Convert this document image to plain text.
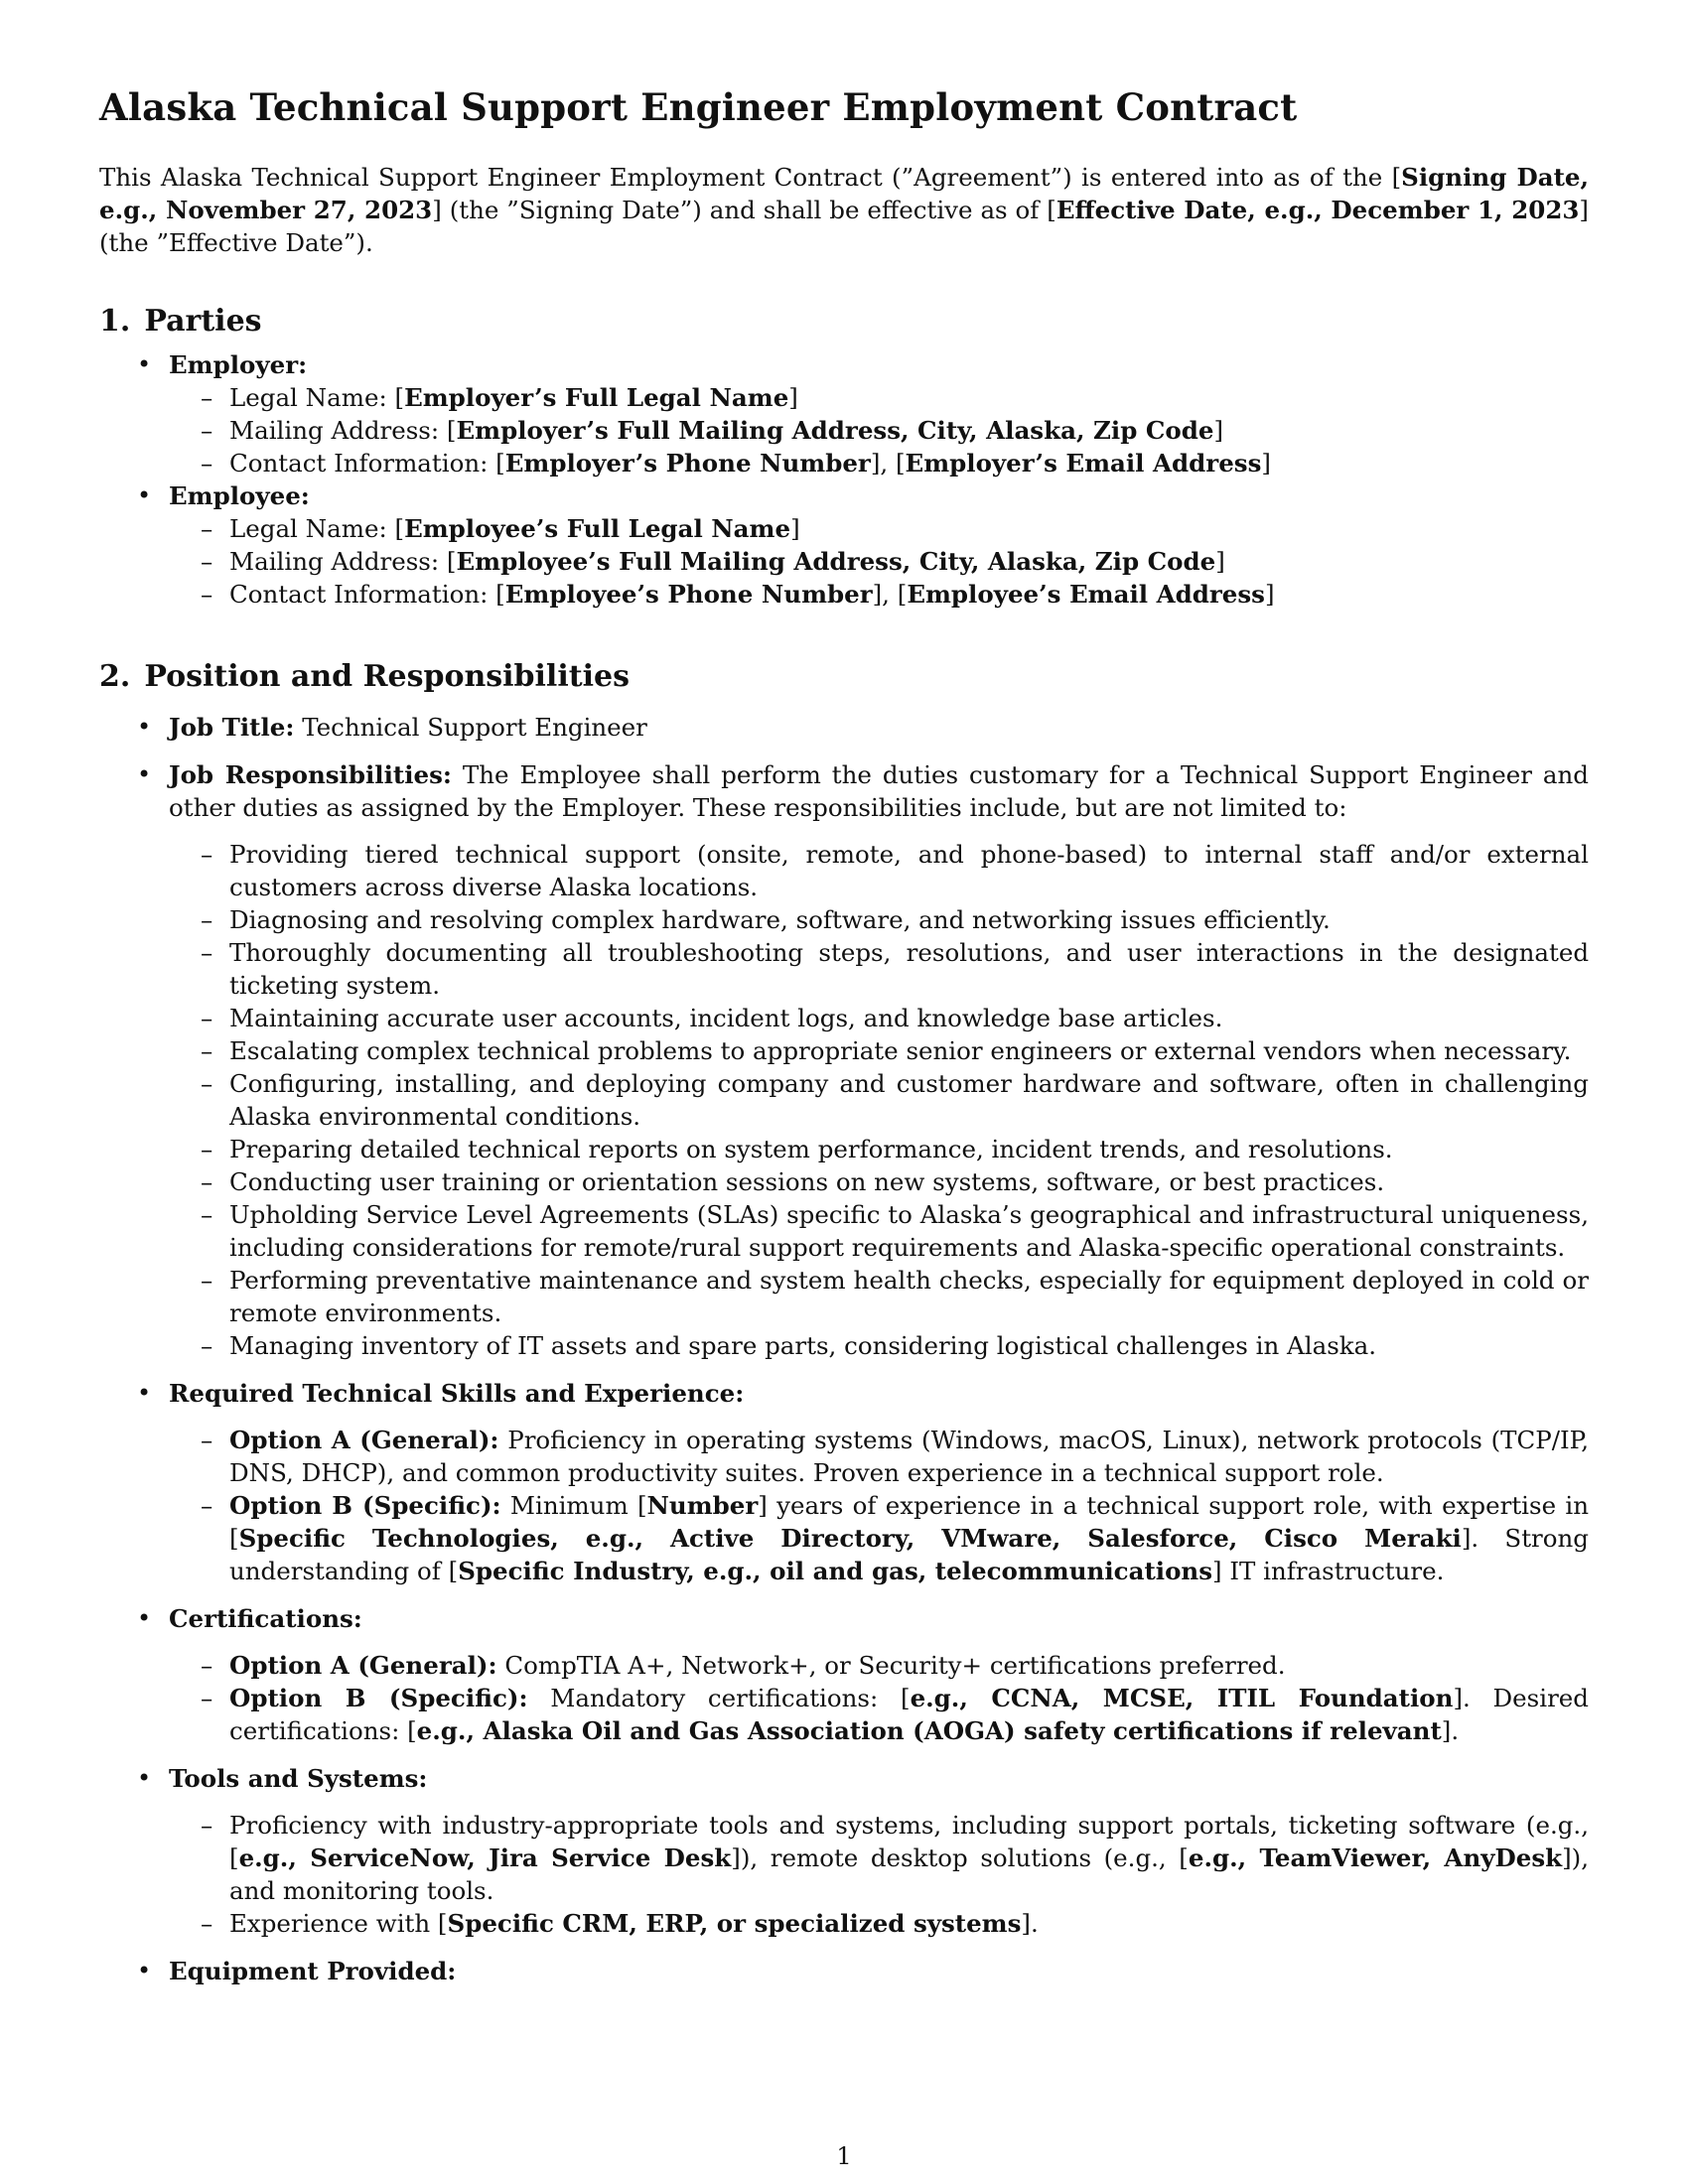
Alaska Technical Support Engineer Employment Contract

This Alaska Technical Support Engineer Employment Contract (”Agreement”) is entered into as of the [Signing Date, e.g., November 27, 2023] (the ”Signing Date”) and shall be effective as of [Effective Date, e.g., December 1, 2023] (the ”Effective Date”).

1. Parties
• Employer:
– Legal Name: [Employer’s Full Legal Name]
– Mailing Address: [Employer’s Full Mailing Address, City, Alaska, Zip Code]
– Contact Information: [Employer’s Phone Number], [Employer’s Email Address]
• Employee:
– Legal Name: [Employee’s Full Legal Name]
– Mailing Address: [Employee’s Full Mailing Address, City, Alaska, Zip Code]
– Contact Information: [Employee’s Phone Number], [Employee’s Email Address]
2. Position and Responsibilities
• Job Title: Technical Support Engineer
• Job Responsibilities: The Employee shall perform the duties customary for a Technical Support Engineer and other duties as assigned by the Employer. These responsibilities include, but are not limited to:
– Providing tiered technical support (onsite, remote, and phone-based) to internal staff and/or external customers across diverse Alaska locations.
– Diagnosing and resolving complex hardware, software, and networking issues efficiently.
– Thoroughly documenting all troubleshooting steps, resolutions, and user interactions in the designated ticketing system.
– Maintaining accurate user accounts, incident logs, and knowledge base articles.
– Escalating complex technical problems to appropriate senior engineers or external vendors when necessary.
– Configuring, installing, and deploying company and customer hardware and software, often in challenging Alaska environmental conditions.
– Preparing detailed technical reports on system performance, incident trends, and resolutions.
– Conducting user training or orientation sessions on new systems, software, or best practices.
– Upholding Service Level Agreements (SLAs) specific to Alaska’s geographical and infrastructural uniqueness, including considerations for remote/rural support requirements and Alaska-specific operational constraints.
– Performing preventative maintenance and system health checks, especially for equipment deployed in cold or remote environments.
– Managing inventory of IT assets and spare parts, considering logistical challenges in Alaska.
• Required Technical Skills and Experience:
– Option A (General): Proficiency in operating systems (Windows, macOS, Linux), network protocols (TCP/IP, DNS, DHCP), and common productivity suites. Proven experience in a technical support role.
– Option B (Specific): Minimum [Number] years of experience in a technical support role, with expertise in [Specific Technologies, e.g., Active Directory, VMware, Salesforce, Cisco Meraki]. Strong understanding of [Specific Industry, e.g., oil and gas, telecommunications] IT infrastructure.
• Certifications:
– Option A (General): CompTIA A+, Network+, or Security+ certifications preferred.
– Option B (Specific): Mandatory certifications: [e.g., CCNA, MCSE, ITIL Foundation]. Desired certifications: [e.g., Alaska Oil and Gas Association (AOGA) safety certifications if relevant].
• Tools and Systems:
– Proficiency with industry-appropriate tools and systems, including support portals, ticketing software (e.g., [e.g., ServiceNow, Jira Service Desk]), remote desktop solutions (e.g., [e.g., TeamViewer, AnyDesk]), and monitoring tools.
– Experience with [Specific CRM, ERP, or specialized systems].
• Equipment Provided:
1
